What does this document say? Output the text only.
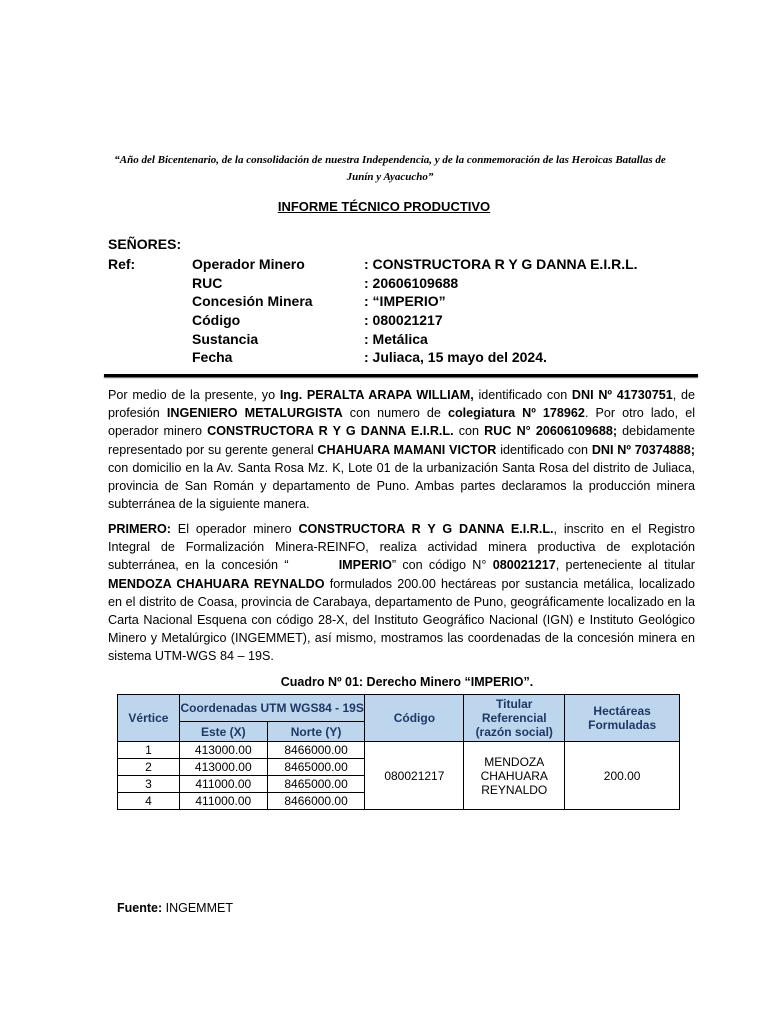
“Año del Bicentenario, de la consolidación de nuestra Independencia, y de la conmemoración de las Heroicas Batallas de Junín y Ayacucho”
INFORME TÉCNICO PRODUCTIVO
SEÑORES:
Ref:	Operador Minero	: CONSTRUCTORA R Y G DANNA E.I.R.L.
RUC	: 20606109688
Concesión Minera	: “IMPERIO”
Código	: 080021217
Sustancia	: Metálica
Fecha	: Juliaca, 15 mayo del 2024.
Por medio de la presente, yo Ing. PERALTA ARAPA WILLIAM, identificado con DNI Nº 41730751, de profesión INGENIERO METALURGISTA con numero de colegiatura Nº 178962. Por otro lado, el operador minero CONSTRUCTORA R Y G DANNA E.I.R.L. con RUC N° 20606109688; debidamente representado por su gerente general CHAHUARA MAMANI VICTOR identificado con DNI Nº 70374888; con domicilio en la Av. Santa Rosa Mz. K, Lote 01 de la urbanización Santa Rosa del distrito de Juliaca, provincia de San Román y departamento de Puno. Ambas partes declaramos la producción minera subterránea de la siguiente manera.
PRIMERO: El operador minero CONSTRUCTORA R Y G DANNA E.I.R.L., inscrito en el Registro Integral de Formalización Minera-REINFO, realiza actividad minera productiva de explotación subterránea, en la concesión “        IMPERIO” con código N° 080021217, perteneciente al titular MENDOZA CHAHUARA REYNALDO formulados 200.00 hectáreas por sustancia metálica, localizado en el distrito de Coasa, provincia de Carabaya, departamento de Puno, geográficamente localizado en la Carta Nacional Esquena con código 28-X, del Instituto Geográfico Nacional (IGN) e Instituto Geológico Minero y Metalúrgico (INGEMMET), así mismo, mostramos las coordenadas de la concesión minera en sistema UTM-WGS 84 – 19S.
Cuadro Nº 01: Derecho Minero “IMPERIO”.
Vértice	Coordenadas UTM WGS84 - 19S		Código	Titular Referencial (razón social)	Hectáreas Formuladas
	Este (X)	Norte (Y)			
1	413000.00	8466000.00	080021217	MENDOZA CHAHUARA REYNALDO	200.00
2	413000.00	8465000.00			
3	411000.00	8465000.00			
4	411000.00	8466000.00			
Fuente: INGEMMET
